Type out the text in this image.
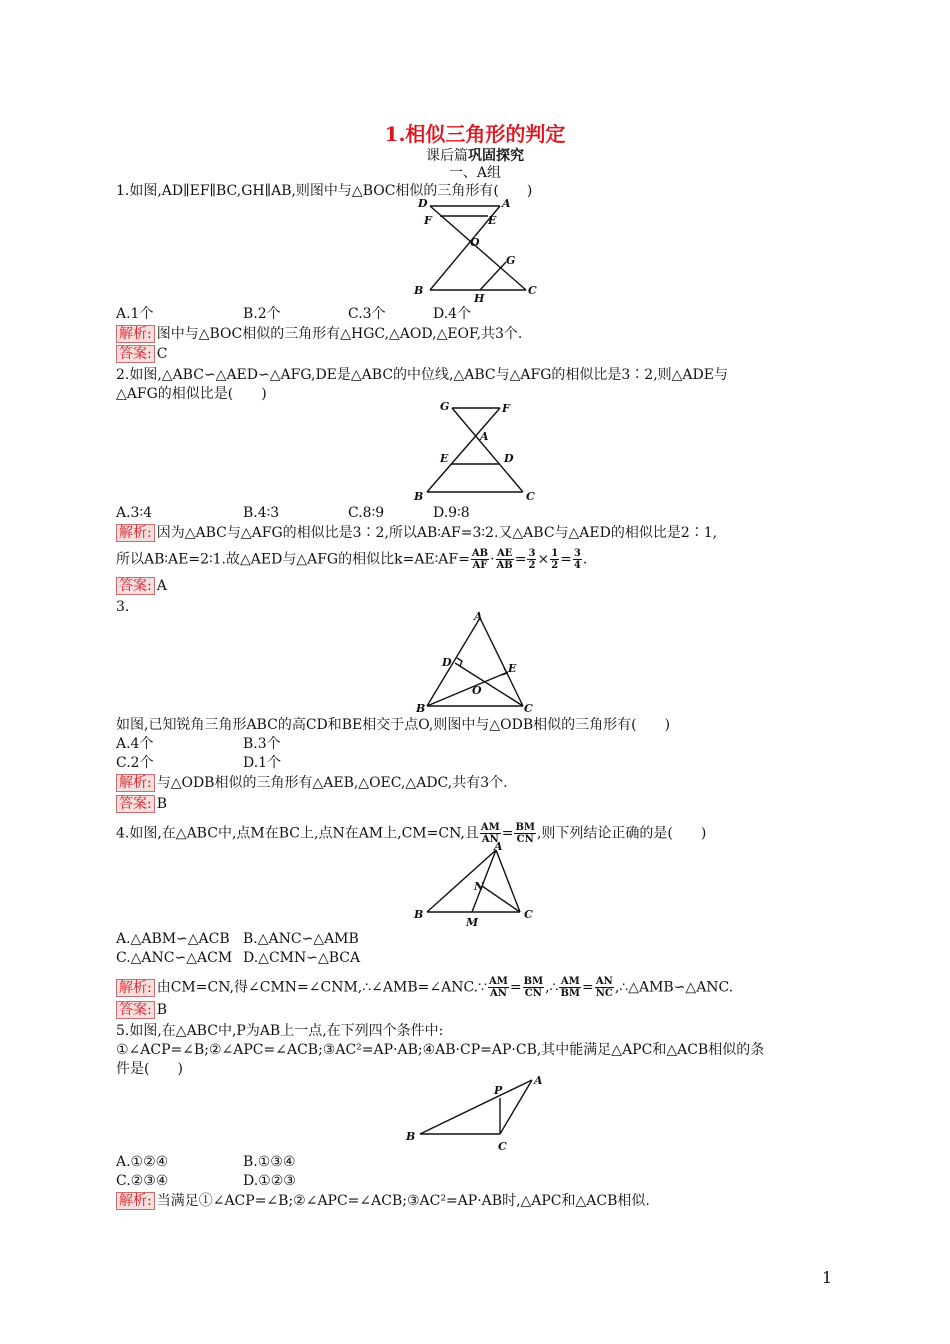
1.相似三角形的判定
课后篇巩固探究
一、A组
1.如图,AD∥EF∥BC,GH∥AB,则图中与△BOC相似的三角形有(　　)
D	A
F	E
O
G
B
H
C
A.1个	B.2个	C.3个	D.4个
解析: 图中与△BOC相似的三角形有△HGC,△AOD,△EOF,共3个.
答案: C
2.如图,△ABC∽△AED∽△AFG,DE是△ABC的中位线,△ABC与△AFG的相似比是3∶2,则△ADE与
△AFG的相似比是(　　)
G	F
A
E	D
B	C
A.3∶4	B.4∶3	C.8∶9	D.9∶8
解析: 因为△ABC与△AFG的相似比是3∶2,所以AB∶AF=3∶2.又△ABC与△AED的相似比是2∶1,
所以AB∶AE=2∶1.故△AED与△AFG的相似比k=AE∶AF= $\frac{AB}{AF} \cdot \frac{AE}{AB} = \frac{3}{2} \times \frac{1}{2} = \frac{3}{4}$ .
答案: A
3.
A
D	E
O
B	C
如图,已知锐角三角形ABC的高CD和BE相交于点O,则图中与△ODB相似的三角形有(　　)
A.4个	B.3个
C.2个	D.1个
解析: 与△ODB相似的三角形有△AEB,△OEC,△ADC,共有3个.
答案: B
4.如图,在△ABC中,点M在BC上,点N在AM上,CM=CN,且 $\frac{AM}{AN} = \frac{BM}{CN}$ ,则下列结论正确的是(　　)
A
N
B
M
C
A.△ABM∽△ACB B.△ANC∽△AMB
C.△ANC∽△ACM D.△CMN∽△BCA
解析: 由CM=CN,得∠CMN=∠CNM,∴∠AMB=∠ANC.∵ $\frac{AM}{AN} = \frac{BM}{CN}$ ,∴ $\frac{AM}{BM} = \frac{AN}{NC}$ ,∴△AMB∽△ANC.
答案: B
5.如图,在△ABC中,P为AB上一点,在下列四个条件中:
①∠ACP=∠B;②∠APC=∠ACB;③AC²=AP·AB;④AB·CP=AP·CB,其中能满足△APC和△ACB相似的条
件是(　　)
P
A
B
C
A.①②④	B.①③④
C.②③④	D.①②③
解析: 当满足①∠ACP=∠B;②∠APC=∠ACB;③AC²=AP·AB时,△APC和△ACB相似.
1
